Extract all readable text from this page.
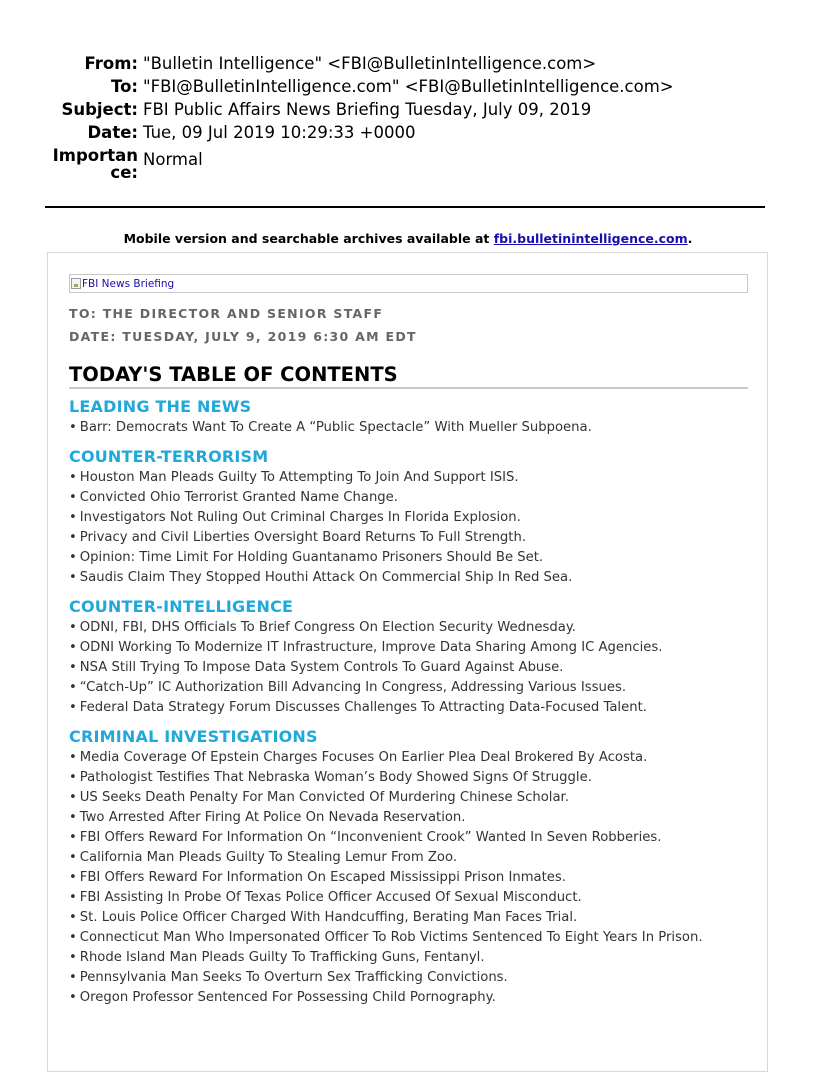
From: "Bulletin Intelligence" <FBI@BulletinIntelligence.com>
To: "FBI@BulletinIntelligence.com" <FBI@BulletinIntelligence.com>
Subject: FBI Public Affairs News Briefing Tuesday, July 09, 2019
Date: Tue, 09 Jul 2019 10:29:33 +0000
Importance:
Normal
Mobile version and searchable archives available at fbi.bulletinintelligence.com.
FBI News Briefing
TO: THE DIRECTOR AND SENIOR STAFF
DATE: TUESDAY, JULY 9, 2019 6:30 AM EDT
TODAY'S TABLE OF CONTENTS
LEADING THE NEWS
• Barr: Democrats Want To Create A “Public Spectacle” With Mueller Subpoena.
COUNTER-TERRORISM
• Houston Man Pleads Guilty To Attempting To Join And Support ISIS.
• Convicted Ohio Terrorist Granted Name Change.
• Investigators Not Ruling Out Criminal Charges In Florida Explosion.
• Privacy and Civil Liberties Oversight Board Returns To Full Strength.
• Opinion: Time Limit For Holding Guantanamo Prisoners Should Be Set.
• Saudis Claim They Stopped Houthi Attack On Commercial Ship In Red Sea.
COUNTER-INTELLIGENCE
• ODNI, FBI, DHS Officials To Brief Congress On Election Security Wednesday.
• ODNI Working To Modernize IT Infrastructure, Improve Data Sharing Among IC Agencies.
• NSA Still Trying To Impose Data System Controls To Guard Against Abuse.
• “Catch-Up” IC Authorization Bill Advancing In Congress, Addressing Various Issues.
• Federal Data Strategy Forum Discusses Challenges To Attracting Data-Focused Talent.
CRIMINAL INVESTIGATIONS
• Media Coverage Of Epstein Charges Focuses On Earlier Plea Deal Brokered By Acosta.
• Pathologist Testifies That Nebraska Woman’s Body Showed Signs Of Struggle.
• US Seeks Death Penalty For Man Convicted Of Murdering Chinese Scholar.
• Two Arrested After Firing At Police On Nevada Reservation.
• FBI Offers Reward For Information On “Inconvenient Crook” Wanted In Seven Robberies.
• California Man Pleads Guilty To Stealing Lemur From Zoo.
• FBI Offers Reward For Information On Escaped Mississippi Prison Inmates.
• FBI Assisting In Probe Of Texas Police Officer Accused Of Sexual Misconduct.
• St. Louis Police Officer Charged With Handcuffing, Berating Man Faces Trial.
• Connecticut Man Who Impersonated Officer To Rob Victims Sentenced To Eight Years In Prison.
• Rhode Island Man Pleads Guilty To Trafficking Guns, Fentanyl.
• Pennsylvania Man Seeks To Overturn Sex Trafficking Convictions.
• Oregon Professor Sentenced For Possessing Child Pornography.
